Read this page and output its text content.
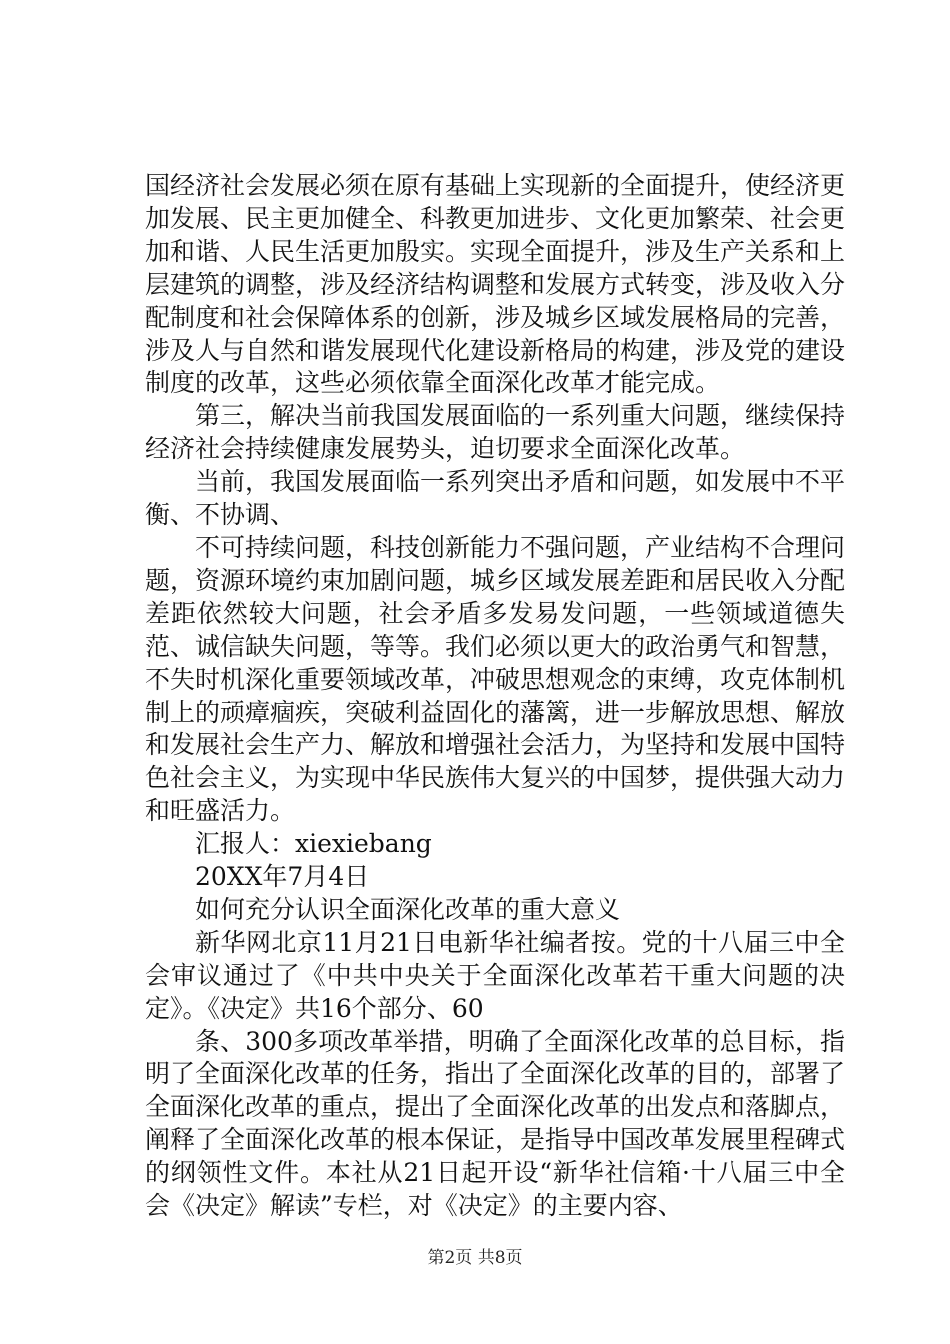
国经济社会发展必须在原有基础上实现新的全面提升，使经济更加发展、民主更加健全、科教更加进步、文化更加繁荣、社会更加和谐、人民生活更加殷实。实现全面提升，涉及生产关系和上层建筑的调整，涉及经济结构调整和发展方式转变，涉及收入分配制度和社会保障体系的创新，涉及城乡区域发展格局的完善，涉及人与自然和谐发展现代化建设新格局的构建，涉及党的建设制度的改革，这些必须依靠全面深化改革才能完成。

第三，解决当前我国发展面临的一系列重大问题，继续保持经济社会持续健康发展势头，迫切要求全面深化改革。

当前，我国发展面临一系列突出矛盾和问题，如发展中不平衡、不协调、

不可持续问题，科技创新能力不强问题，产业结构不合理问题，资源环境约束加剧问题，城乡区域发展差距和居民收入分配差距依然较大问题，社会矛盾多发易发问题，一些领域道德失范、诚信缺失问题，等等。我们必须以更大的政治勇气和智慧，不失时机深化重要领域改革，冲破思想观念的束缚，攻克体制机制上的顽瘴痼疾，突破利益固化的藩篱，进一步解放思想、解放和发展社会生产力、解放和增强社会活力，为坚持和发展中国特色社会主义，为实现中华民族伟大复兴的中国梦，提供强大动力和旺盛活力。

汇报人：xiexiebang

20XX年7月4日

如何充分认识全面深化改革的重大意义

新华网北京11月21日电新华社编者按。党的十八届三中全会审议通过了《中共中央关于全面深化改革若干重大问题的决定》。《决定》共16个部分、60

条、300多项改革举措，明确了全面深化改革的总目标，指明了全面深化改革的任务，指出了全面深化改革的目的，部署了全面深化改革的重点，提出了全面深化改革的出发点和落脚点，阐释了全面深化改革的根本保证，是指导中国改革发展里程碑式的纲领性文件。本社从21日起开设“新华社信箱·十八届三中全会《决定》解读”专栏，对《决定》的主要内容、

第2页 共8页
